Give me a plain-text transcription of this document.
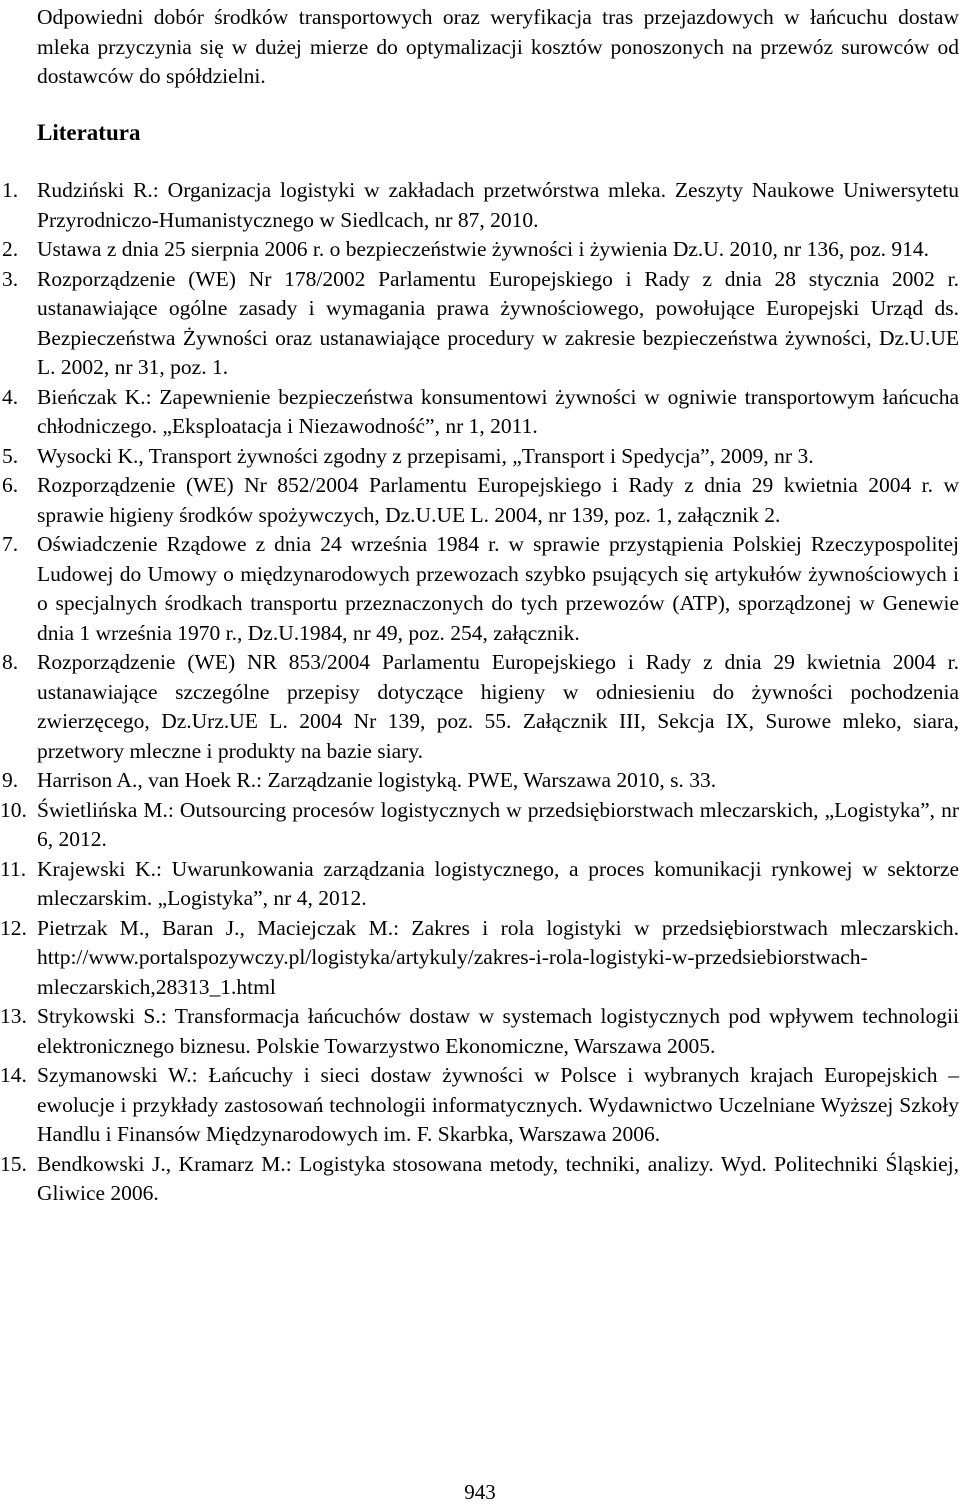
Odpowiedni dobór środków transportowych oraz weryfikacja tras przejazdowych w łańcuchu dostaw mleka przyczynia się w dużej mierze do optymalizacji kosztów ponoszonych na przewóz surowców od dostawców do spółdzielni.

Literatura
1. Rudziński R.: Organizacja logistyki w zakładach przetwórstwa mleka. Zeszyty Naukowe Uniwersytetu Przyrodniczo-Humanistycznego w Siedlcach, nr 87, 2010.
2. Ustawa z dnia 25 sierpnia 2006 r. o bezpieczeństwie żywności i żywienia Dz.U. 2010, nr 136, poz. 914.
3. Rozporządzenie (WE) Nr 178/2002 Parlamentu Europejskiego i Rady z dnia 28 stycznia 2002 r. ustanawiające ogólne zasady i wymagania prawa żywnościowego, powołujące Europejski Urząd ds. Bezpieczeństwa Żywności oraz ustanawiające procedury w zakresie bezpieczeństwa żywności, Dz.U.UE L. 2002, nr 31, poz. 1.
4. Bieńczak K.: Zapewnienie bezpieczeństwa konsumentowi żywności w ogniwie transportowym łańcucha chłodniczego. „Eksploatacja i Niezawodność”, nr 1, 2011.
5. Wysocki K., Transport żywności zgodny z przepisami, „Transport i Spedycja”, 2009, nr 3.
6. Rozporządzenie (WE) Nr 852/2004 Parlamentu Europejskiego i Rady z dnia 29 kwietnia 2004 r. w sprawie higieny środków spożywczych, Dz.U.UE L. 2004, nr 139, poz. 1, załącznik 2.
7. Oświadczenie Rządowe z dnia 24 września 1984 r. w sprawie przystąpienia Polskiej Rzeczypospolitej Ludowej do Umowy o międzynarodowych przewozach szybko psujących się artykułów żywnościowych i o specjalnych środkach transportu przeznaczonych do tych przewozów (ATP), sporządzonej w Genewie dnia 1 września 1970 r., Dz.U.1984, nr 49, poz. 254, załącznik.
8. Rozporządzenie (WE) NR 853/2004 Parlamentu Europejskiego i Rady z dnia 29 kwietnia 2004 r. ustanawiające szczególne przepisy dotyczące higieny w odniesieniu do żywności pochodzenia zwierzęcego, Dz.Urz.UE L. 2004 Nr 139, poz. 55. Załącznik III, Sekcja IX, Surowe mleko, siara, przetwory mleczne i produkty na bazie siary.
9. Harrison A., van Hoek R.: Zarządzanie logistyką. PWE, Warszawa 2010, s. 33.
10. Świetlińska M.: Outsourcing procesów logistycznych w przedsiębiorstwach mleczarskich, „Logistyka”, nr 6, 2012.
11. Krajewski K.: Uwarunkowania zarządzania logistycznego, a proces komunikacji rynkowej w sektorze mleczarskim. „Logistyka”, nr 4, 2012.
12. Pietrzak M., Baran J., Maciejczak M.: Zakres i rola logistyki w przedsiębiorstwach mleczarskich. http://www.portalspozywczy.pl/logistyka/artykuly/zakres-i-rola-logistyki-w-przedsiebiorstwach-mleczarskich,28313_1.html
13. Strykowski S.: Transformacja łańcuchów dostaw w systemach logistycznych pod wpływem technologii elektronicznego biznesu. Polskie Towarzystwo Ekonomiczne, Warszawa 2005.
14. Szymanowski W.: Łańcuchy i sieci dostaw żywności w Polsce i wybranych krajach Europejskich – ewolucje i przykłady zastosowań technologii informatycznych. Wydawnictwo Uczelniane Wyższej Szkoły Handlu i Finansów Międzynarodowych im. F. Skarbka, Warszawa 2006.
15. Bendkowski J., Kramarz M.: Logistyka stosowana metody, techniki, analizy. Wyd. Politechniki Śląskiej, Gliwice 2006.
943
